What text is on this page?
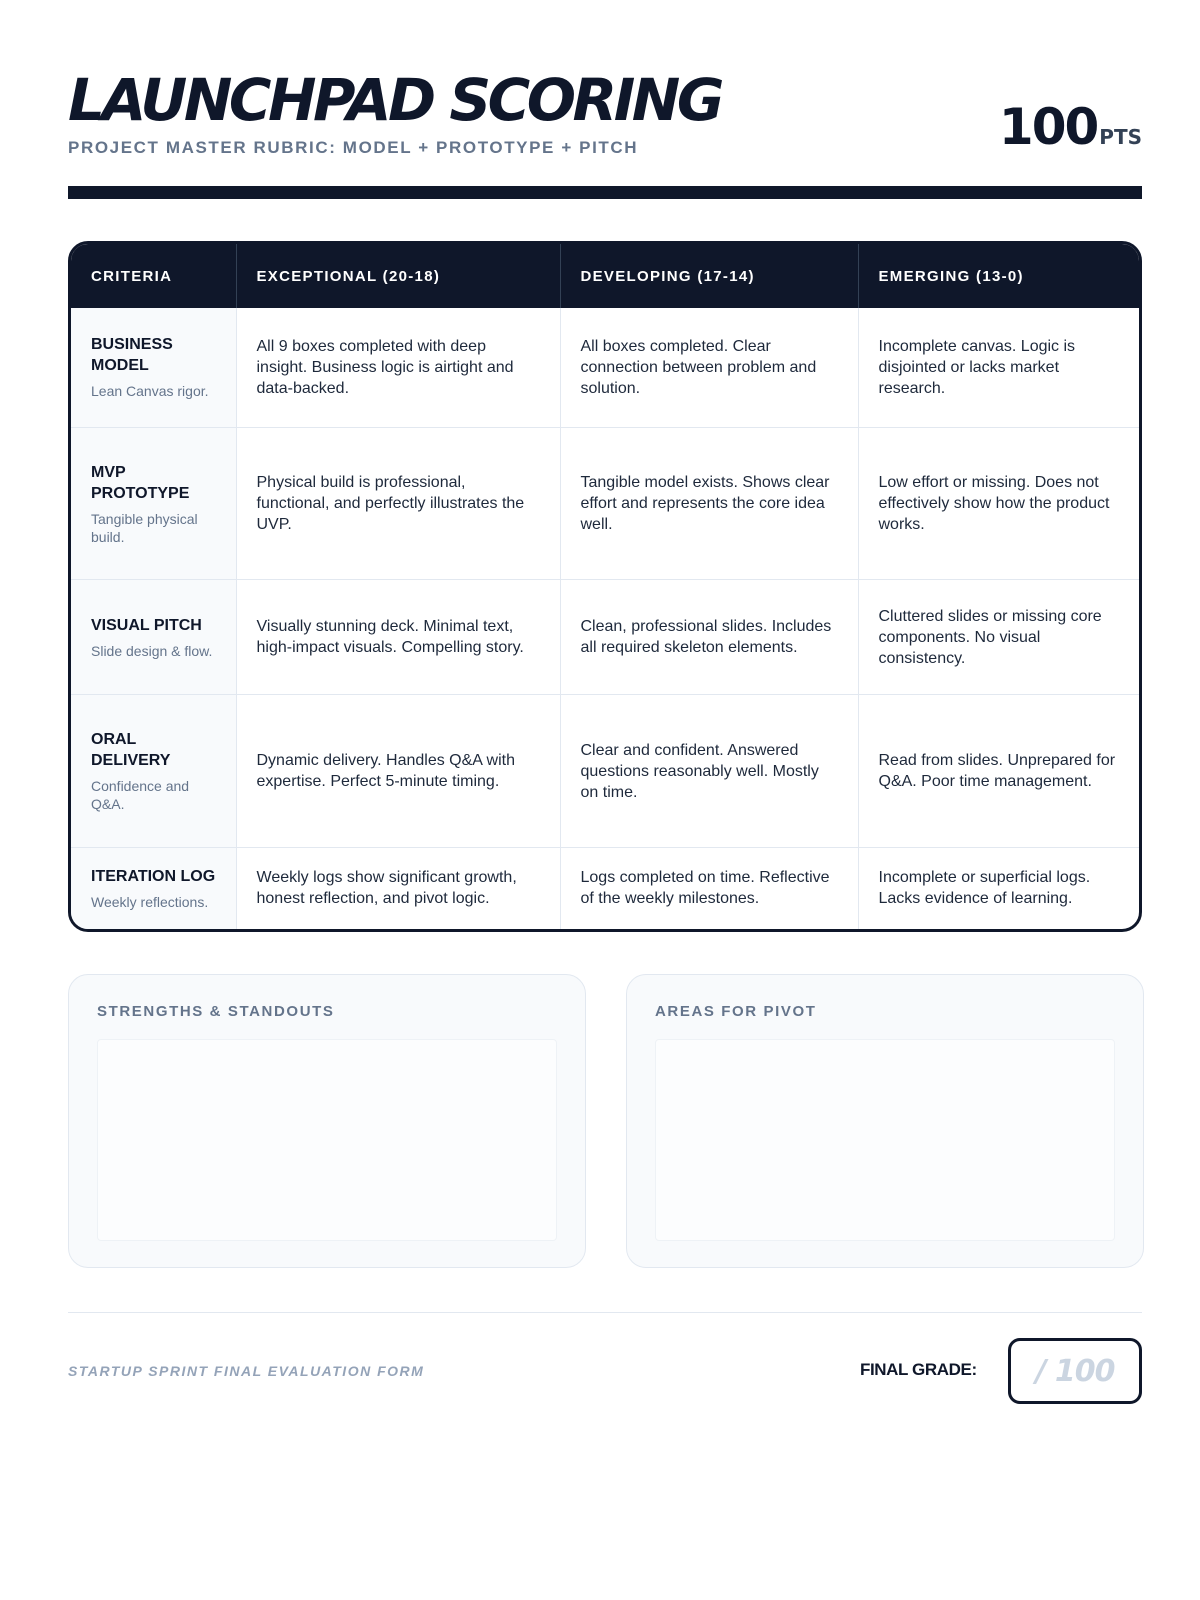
LAUNCHPAD SCORING
PROJECT MASTER RUBRIC: MODEL + PROTOTYPE + PITCH	100 PTS
CRITERIA	EXCEPTIONAL (20-18)	DEVELOPING (17-14)	EMERGING (13-0)

BUSINESS MODEL
Lean Canvas rigor.	All 9 boxes completed with deep insight. Business logic is airtight and data-backed.	All boxes completed. Clear connection between problem and solution.	Incomplete canvas. Logic is disjointed or lacks market research.

MVP PROTOTYPE
Tangible physical build.	Physical build is professional, functional, and perfectly illustrates the UVP.	Tangible model exists. Shows clear effort and represents the core idea well.	Low effort or missing. Does not effectively show how the product works.

VISUAL PITCH
Slide design & flow.	Visually stunning deck. Minimal text, high-impact visuals. Compelling story.	Clean, professional slides. Includes all required skeleton elements.	Cluttered slides or missing core components. No visual consistency.

ORAL DELIVERY
Confidence and Q&A.	Dynamic delivery. Handles Q&A with expertise. Perfect 5-minute timing.	Clear and confident. Answered questions reasonably well. Mostly on time.	Read from slides. Unprepared for Q&A. Poor time management.

ITERATION LOG
Weekly reflections.	Weekly logs show significant growth, honest reflection, and pivot logic.	Logs completed on time. Reflective of the weekly milestones.	Incomplete or superficial logs. Lacks evidence of learning.
STRENGTHS & STANDOUTS	AREAS FOR PIVOT
STARTUP SPRINT FINAL EVALUATION FORM	FINAL GRADE: / 100
